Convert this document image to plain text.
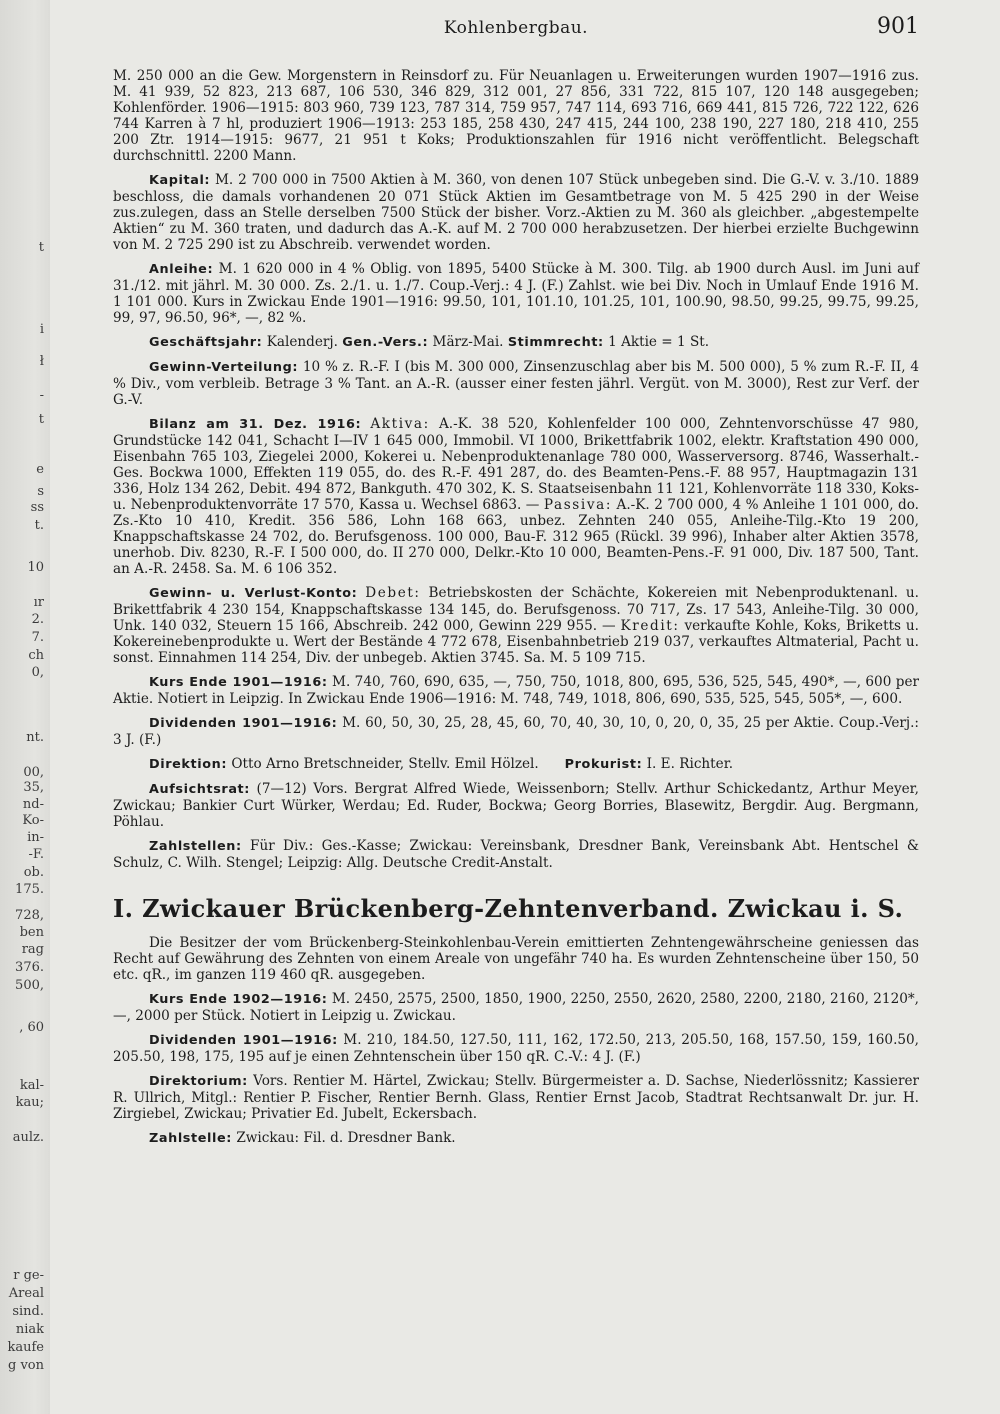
t
i
ł
-
t
e
s
ss
t.
10
ır
2.
7.
ch
0,
nt.
00,
35,
nd-
Ko-
in-
-F.
ob.
175.
728,
ben
rag
376.
500,
, 60
kal-
kau;
aulz.
r ge-
Areal
sind.
niak
kaufe
g von
Kohlenbergbau.	901

M. 250 000 an die Gew. Morgenstern in Reinsdorf zu. Für Neuanlagen u. Erweiterungen wurden 1907—1916 zus. M. 41 939, 52 823, 213 687, 106 530, 346 829, 312 001, 27 856, 331 722, 815 107, 120 148 ausgegeben; Kohlenförder. 1906—1915: 803 960, 739 123, 787 314, 759 957, 747 114, 693 716, 669 441, 815 726, 722 122, 626 744 Karren à 7 hl, produziert 1906—1913: 253 185, 258 430, 247 415, 244 100, 238 190, 227 180, 218 410, 255 200 Ztr. 1914—1915: 9677, 21 951 t Koks; Produktionszahlen für 1916 nicht veröffentlicht. Belegschaft durchschnittl. 2200 Mann.

Kapital: M. 2 700 000 in 7500 Aktien à M. 360, von denen 107 Stück unbegeben sind. Die G.-V. v. 3./10. 1889 beschloss, die damals vorhandenen 20 071 Stück Aktien im Gesamtbetrage von M. 5 425 290 in der Weise zus.zulegen, dass an Stelle derselben 7500 Stück der bisher. Vorz.-Aktien zu M. 360 als gleichber. „abgestempelte Aktien“ zu M. 360 traten, und dadurch das A.-K. auf M. 2 700 000 herabzusetzen. Der hierbei erzielte Buchgewinn von M. 2 725 290 ist zu Abschreib. verwendet worden.

Anleihe: M. 1 620 000 in 4 % Oblig. von 1895, 5400 Stücke à M. 300. Tilg. ab 1900 durch Ausl. im Juni auf 31./12. mit jährl. M. 30 000. Zs. 2./1. u. 1./7. Coup.-Verj.: 4 J. (F.) Zahlst. wie bei Div. Noch in Umlauf Ende 1916 M. 1 101 000. Kurs in Zwickau Ende 1901—1916: 99.50, 101, 101.10, 101.25, 101, 100.90, 98.50, 99.25, 99.75, 99.25, 99, 97, 96.50, 96*, —, 82 %.

Geschäftsjahr: Kalenderj. Gen.-Vers.: März-Mai. Stimmrecht: 1 Aktie = 1 St.

Gewinn-Verteilung: 10 % z. R.-F. I (bis M. 300 000, Zinsenzuschlag aber bis M. 500 000), 5 % zum R.-F. II, 4 % Div., vom verbleib. Betrage 3 % Tant. an A.-R. (ausser einer festen jährl. Vergüt. von M. 3000), Rest zur Verf. der G.-V.

Bilanz am 31. Dez. 1916: Aktiva: A.-K. 38 520, Kohlenfelder 100 000, Zehntenvorschüsse 47 980, Grundstücke 142 041, Schacht I—IV 1 645 000, Immobil. VI 1000, Brikettfabrik 1002, elektr. Kraftstation 490 000, Eisenbahn 765 103, Ziegelei 2000, Kokerei u. Nebenproduktenanlage 780 000, Wasserversorg. 8746, Wasserhalt.-Ges. Bockwa 1000, Effekten 119 055, do. des R.-F. 491 287, do. des Beamten-Pens.-F. 88 957, Hauptmagazin 131 336, Holz 134 262, Debit. 494 872, Bankguth. 470 302, K. S. Staatseisenbahn 11 121, Kohlenvorräte 118 330, Koks- u. Nebenproduktenvorräte 17 570, Kassa u. Wechsel 6863. — Passiva: A.-K. 2 700 000, 4 % Anleihe 1 101 000, do. Zs.-Kto 10 410, Kredit. 356 586, Lohn 168 663, unbez. Zehnten 240 055, Anleihe-Tilg.-Kto 19 200, Knappschaftskasse 24 702, do. Berufsgenoss. 100 000, Bau-F. 312 965 (Rückl. 39 996), Inhaber alter Aktien 3578, unerhob. Div. 8230, R.-F. I 500 000, do. II 270 000, Delkr.-Kto 10 000, Beamten-Pens.-F. 91 000, Div. 187 500, Tant. an A.-R. 2458. Sa. M. 6 106 352.

Gewinn- u. Verlust-Konto: Debet: Betriebskosten der Schächte, Kokereien mit Nebenproduktenanl. u. Brikettfabrik 4 230 154, Knappschaftskasse 134 145, do. Berufsgenoss. 70 717, Zs. 17 543, Anleihe-Tilg. 30 000, Unk. 140 032, Steuern 15 166, Abschreib. 242 000, Gewinn 229 955. — Kredit: verkaufte Kohle, Koks, Briketts u. Kokereinebenprodukte u. Wert der Bestände 4 772 678, Eisenbahnbetrieb 219 037, verkauftes Altmaterial, Pacht u. sonst. Einnahmen 114 254, Div. der unbegeb. Aktien 3745. Sa. M. 5 109 715.

Kurs Ende 1901—1916: M. 740, 760, 690, 635, —, 750, 750, 1018, 800, 695, 536, 525, 545, 490*, —, 600 per Aktie. Notiert in Leipzig. In Zwickau Ende 1906—1916: M. 748, 749, 1018, 806, 690, 535, 525, 545, 505*, —, 600.

Dividenden 1901—1916: M. 60, 50, 30, 25, 28, 45, 60, 70, 40, 30, 10, 0, 20, 0, 35, 25 per Aktie. Coup.-Verj.: 3 J. (F.)

Direktion: Otto Arno Bretschneider, Stellv. Emil Hölzel. Prokurist: I. E. Richter.

Aufsichtsrat: (7—12) Vors. Bergrat Alfred Wiede, Weissenborn; Stellv. Arthur Schickedantz, Arthur Meyer, Zwickau; Bankier Curt Würker, Werdau; Ed. Ruder, Bockwa; Georg Borries, Blasewitz, Bergdir. Aug. Bergmann, Pöhlau.

Zahlstellen: Für Div.: Ges.-Kasse; Zwickau: Vereinsbank, Dresdner Bank, Vereinsbank Abt. Hentschel & Schulz, C. Wilh. Stengel; Leipzig: Allg. Deutsche Credit-Anstalt.

I. Zwickauer Brückenberg-Zehntenverband. Zwickau i. S.

Die Besitzer der vom Brückenberg-Steinkohlenbau-Verein emittierten Zehntengewährscheine geniessen das Recht auf Gewährung des Zehnten von einem Areale von ungefähr 740 ha. Es wurden Zehntenscheine über 150, 50 etc. qR., im ganzen 119 460 qR. ausgegeben.

Kurs Ende 1902—1916: M. 2450, 2575, 2500, 1850, 1900, 2250, 2550, 2620, 2580, 2200, 2180, 2160, 2120*, —, 2000 per Stück. Notiert in Leipzig u. Zwickau.

Dividenden 1901—1916: M. 210, 184.50, 127.50, 111, 162, 172.50, 213, 205.50, 168, 157.50, 159, 160.50, 205.50, 198, 175, 195 auf je einen Zehntenschein über 150 qR. C.-V.: 4 J. (F.)

Direktorium: Vors. Rentier M. Härtel, Zwickau; Stellv. Bürgermeister a. D. Sachse, Niederlössnitz; Kassierer R. Ullrich, Mitgl.: Rentier P. Fischer, Rentier Bernh. Glass, Rentier Ernst Jacob, Stadtrat Rechtsanwalt Dr. jur. H. Zirgiebel, Zwickau; Privatier Ed. Jubelt, Eckersbach.

Zahlstelle: Zwickau: Fil. d. Dresdner Bank.
